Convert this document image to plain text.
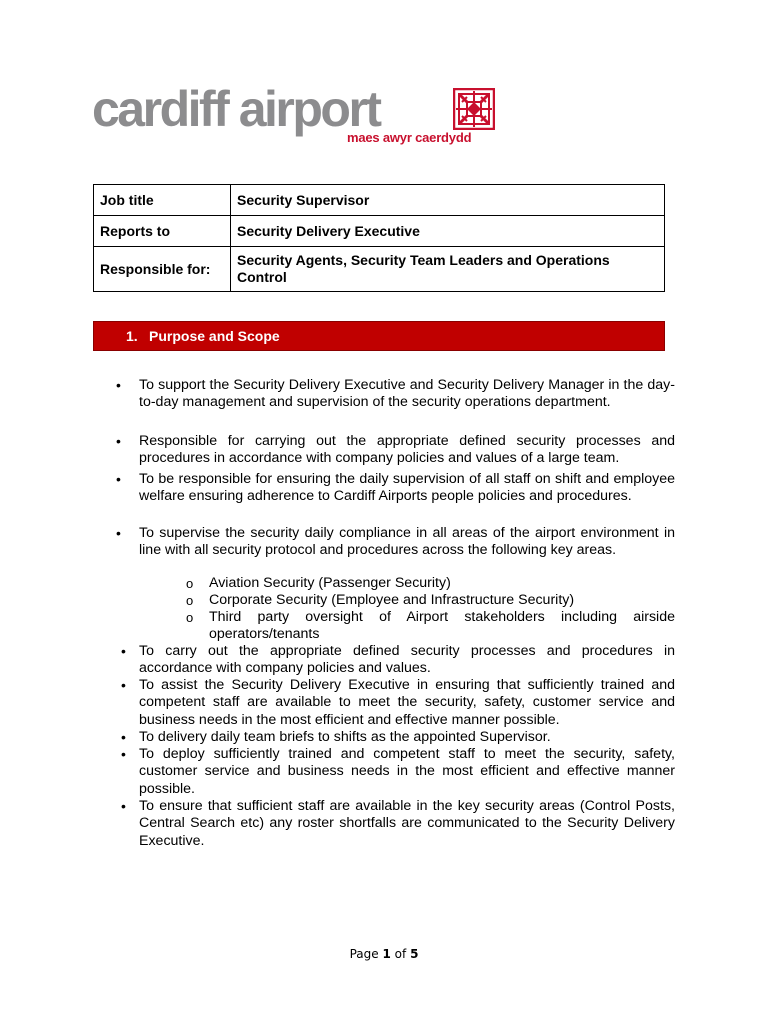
cardiff airport
maes awyr caerdydd
Job title	Security Supervisor
Reports to	Security Delivery Executive
Responsible for:	Security Agents, Security Team Leaders and Operations Control
1. Purpose and Scope
• To support the Security Delivery Executive and Security Delivery Manager in the day-to-day management and supervision of the security operations department.
• Responsible for carrying out the appropriate defined security processes and procedures in accordance with company policies and values of a large team.
• To be responsible for ensuring the daily supervision of all staff on shift and employee welfare ensuring adherence to Cardiff Airports people policies and procedures.
• To supervise the security daily compliance in all areas of the airport environment in line with all security protocol and procedures across the following key areas.
o Aviation Security (Passenger Security)
o Corporate Security (Employee and Infrastructure Security)
o Third party oversight of Airport stakeholders including airside operators/tenants
• To carry out the appropriate defined security processes and procedures in accordance with company policies and values.
• To assist the Security Delivery Executive in ensuring that sufficiently trained and competent staff are available to meet the security, safety, customer service and business needs in the most efficient and effective manner possible.
• To delivery daily team briefs to shifts as the appointed Supervisor.
• To deploy sufficiently trained and competent staff to meet the security, safety, customer service and business needs in the most efficient and effective manner possible.
• To ensure that sufficient staff are available in the key security areas (Control Posts, Central Search etc) any roster shortfalls are communicated to the Security Delivery Executive.
Page 1 of 5
